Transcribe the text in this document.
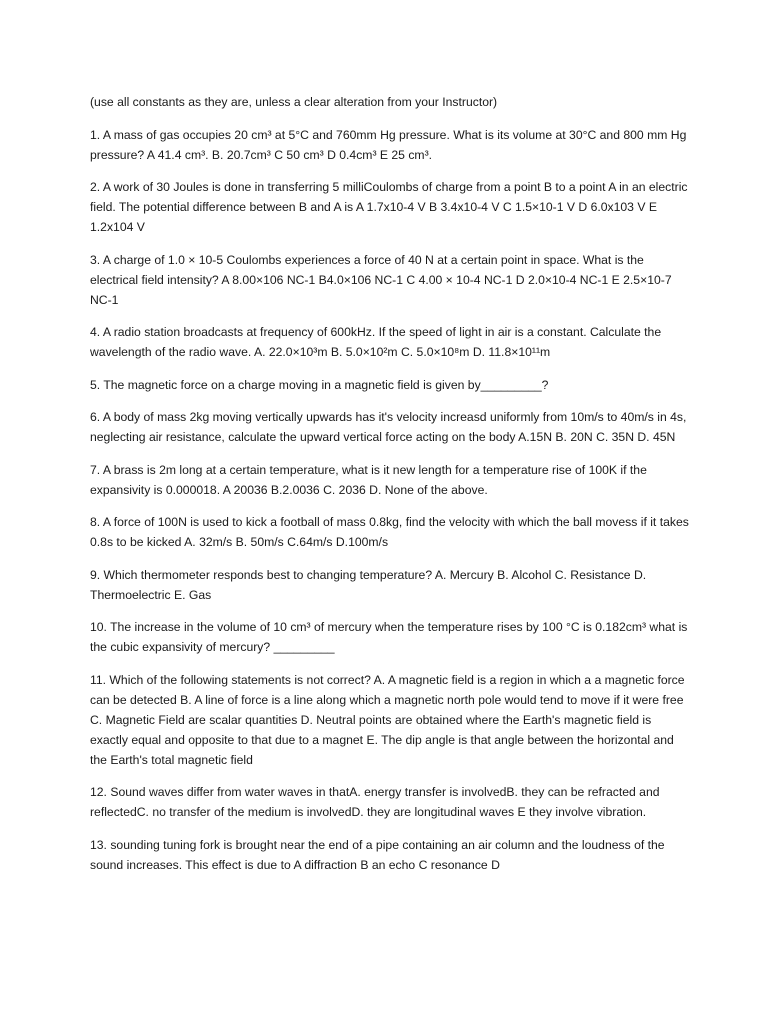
(use all constants as they are, unless a clear alteration from your Instructor)

1. A mass of gas occupies 20 cm³ at 5°C and 760mm Hg pressure. What is its volume at 30°C and 800 mm Hg pressure? A 41.4 cm³. B. 20.7cm³ C 50 cm³ D 0.4cm³ E 25 cm³.

2. A work of 30 Joules is done in transferring 5 milliCoulombs of charge from a point B to a point A in an electric field. The potential difference between B and A is A 1.7x10-4 V B 3.4x10-4 V C 1.5×10-1 V D 6.0x103 V E 1.2x104 V

3. A charge of 1.0 × 10-5 Coulombs experiences a force of 40 N at a certain point in space. What is the electrical field intensity? A 8.00×106 NC-1 B4.0×106 NC-1 C 4.00 × 10-4 NC-1 D 2.0×10-4 NC-1 E 2.5×10-7 NC-1

4. A radio station broadcasts at frequency of 600kHz. If the speed of light in air is a constant. Calculate the wavelength of the radio wave. A. 22.0×10³m B. 5.0×10²m C. 5.0×10⁸m D. 11.8×10¹¹m

5. The magnetic force on a charge moving in a magnetic field is given by_________?

6. A body of mass 2kg moving vertically upwards has it's velocity increasd uniformly from 10m/s to 40m/s in 4s, neglecting air resistance, calculate the upward vertical force acting on the body A.15N B. 20N C. 35N D. 45N

7. A brass is 2m long at a certain temperature, what is it new length for a temperature rise of 100K if the expansivity is 0.000018. A 20036 B.2.0036 C. 2036 D. None of the above.

8. A force of 100N is used to kick a football of mass 0.8kg, find the velocity with which the ball movess if it takes 0.8s to be kicked A. 32m/s B. 50m/s C.64m/s D.100m/s

9. Which thermometer responds best to changing temperature? A. Mercury B. Alcohol C. Resistance D. Thermoelectric E. Gas

10. The increase in the volume of 10 cm³ of mercury when the temperature rises by 100 °C is 0.182cm³ what is the cubic expansivity of mercury? _________

11. Which of the following statements is not correct? A. A magnetic field is a region in which a a magnetic force can be detected B. A line of force is a line along which a magnetic north pole would tend to move if it were free C. Magnetic Field are scalar quantities D. Neutral points are obtained where the Earth's magnetic field is exactly equal and opposite to that due to a magnet E. The dip angle is that angle between the horizontal and the Earth's total magnetic field

12. Sound waves differ from water waves in thatA. energy transfer is involvedB. they can be refracted and reflectedC. no transfer of the medium is involvedD. they are longitudinal waves E they involve vibration.

13. sounding tuning fork is brought near the end of a pipe containing an air column and the loudness of the sound increases. This effect is due to A diffraction B an echo C resonance D
